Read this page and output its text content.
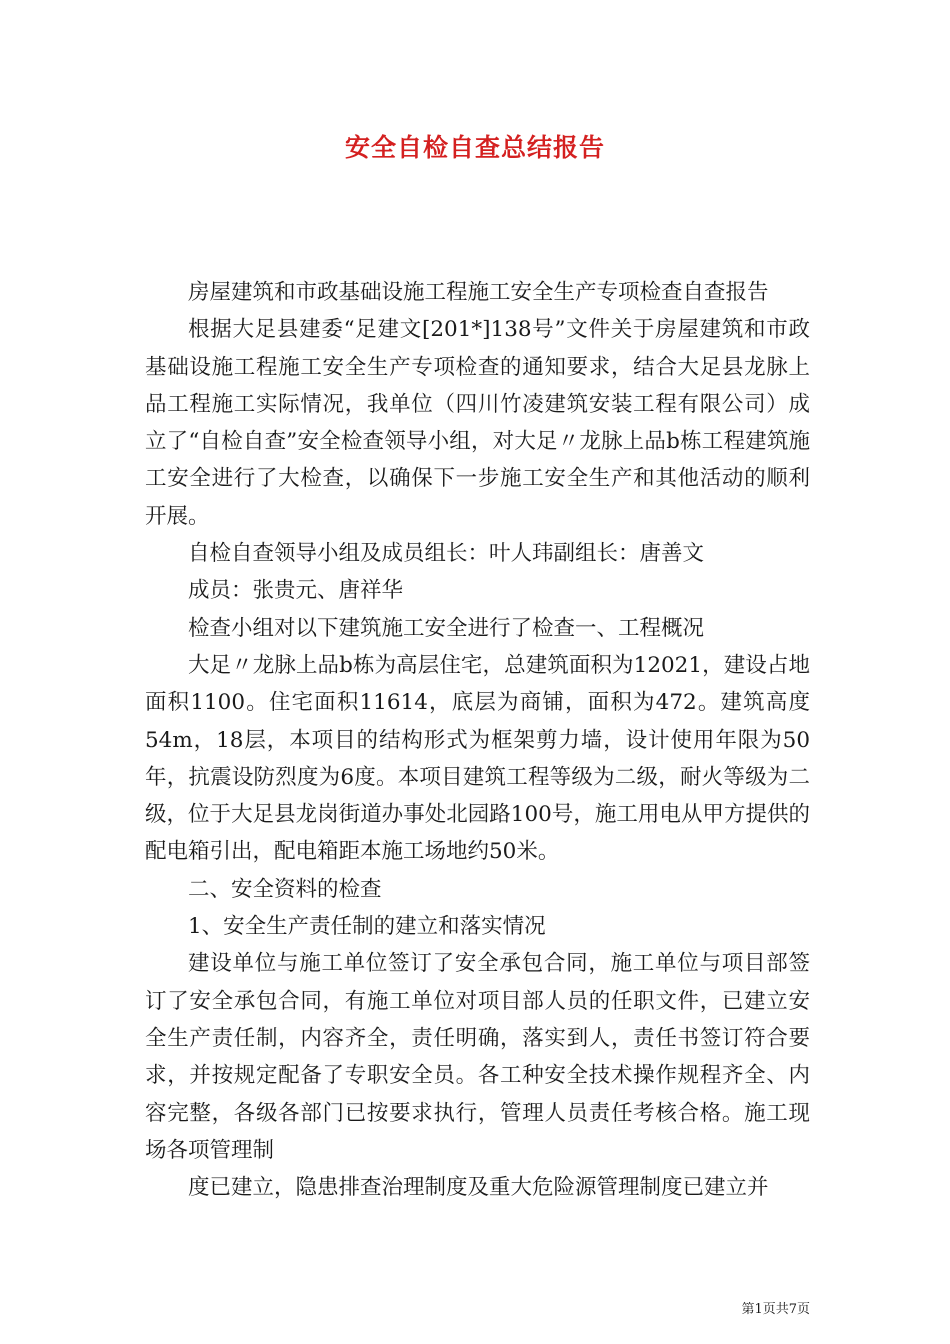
安全自检自查总结报告

房屋建筑和市政基础设施工程施工安全生产专项检查自查报告

根据大足县建委“足建文[201*]138号”文件关于房屋建筑和市政基础设施工程施工安全生产专项检查的通知要求，结合大足县龙脉上品工程施工实际情况，我单位（四川竹凌建筑安装工程有限公司）成立了“自检自查”安全检查领导小组，对大足〃龙脉上品b栋工程建筑施工安全进行了大检查，以确保下一步施工安全生产和其他活动的顺利开展。

自检自查领导小组及成员组长：叶人玮副组长：唐善文

成员：张贵元、唐祥华

检查小组对以下建筑施工安全进行了检查一、工程概况

大足〃龙脉上品b栋为高层住宅，总建筑面积为12021，建设占地面积1100。住宅面积11614，底层为商铺，面积为472。建筑高度54m，18层，本项目的结构形式为框架剪力墙，设计使用年限为50年，抗震设防烈度为6度。本项目建筑工程等级为二级，耐火等级为二级，位于大足县龙岗街道办事处北园路100号，施工用电从甲方提供的配电箱引出，配电箱距本施工场地约50米。

二、安全资料的检查

1、安全生产责任制的建立和落实情况

建设单位与施工单位签订了安全承包合同，施工单位与项目部签订了安全承包合同，有施工单位对项目部人员的任职文件，已建立安全生产责任制，内容齐全，责任明确，落实到人，责任书签订符合要求，并按规定配备了专职安全员。各工种安全技术操作规程齐全、内容完整，各级各部门已按要求执行，管理人员责任考核合格。施工现场各项管理制

度已建立，隐患排查治理制度及重大危险源管理制度已建立并

第1页共7页
